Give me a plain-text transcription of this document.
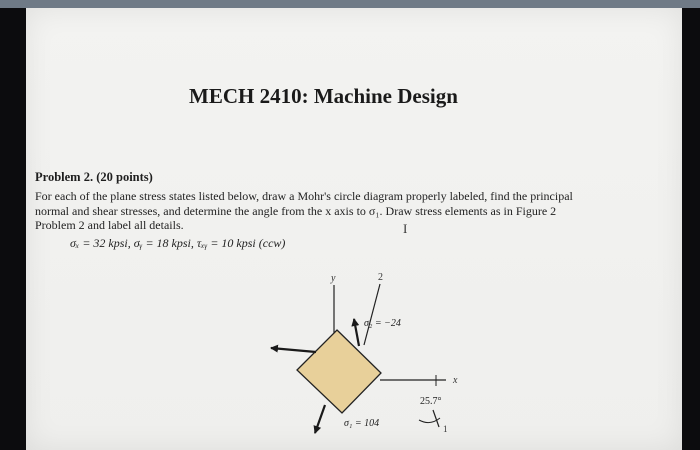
MECH 2410: Machine Design
Problem 2. (20 points)
For each of the plane stress states listed below, draw a Mohr's circle diagram properly labeled, find the principal
normal and shear stresses, and determine the angle from the x axis to σ₁. Draw stress elements as in Figure 2
Problem 2 and label all details.	I
σₓ = 32 kpsi, σᵧ = 18 kpsi, τₓᵧ = 10 kpsi (ccw)
y
x
2
σ₂ = −24
σ₁ = 104
25.7°
1
